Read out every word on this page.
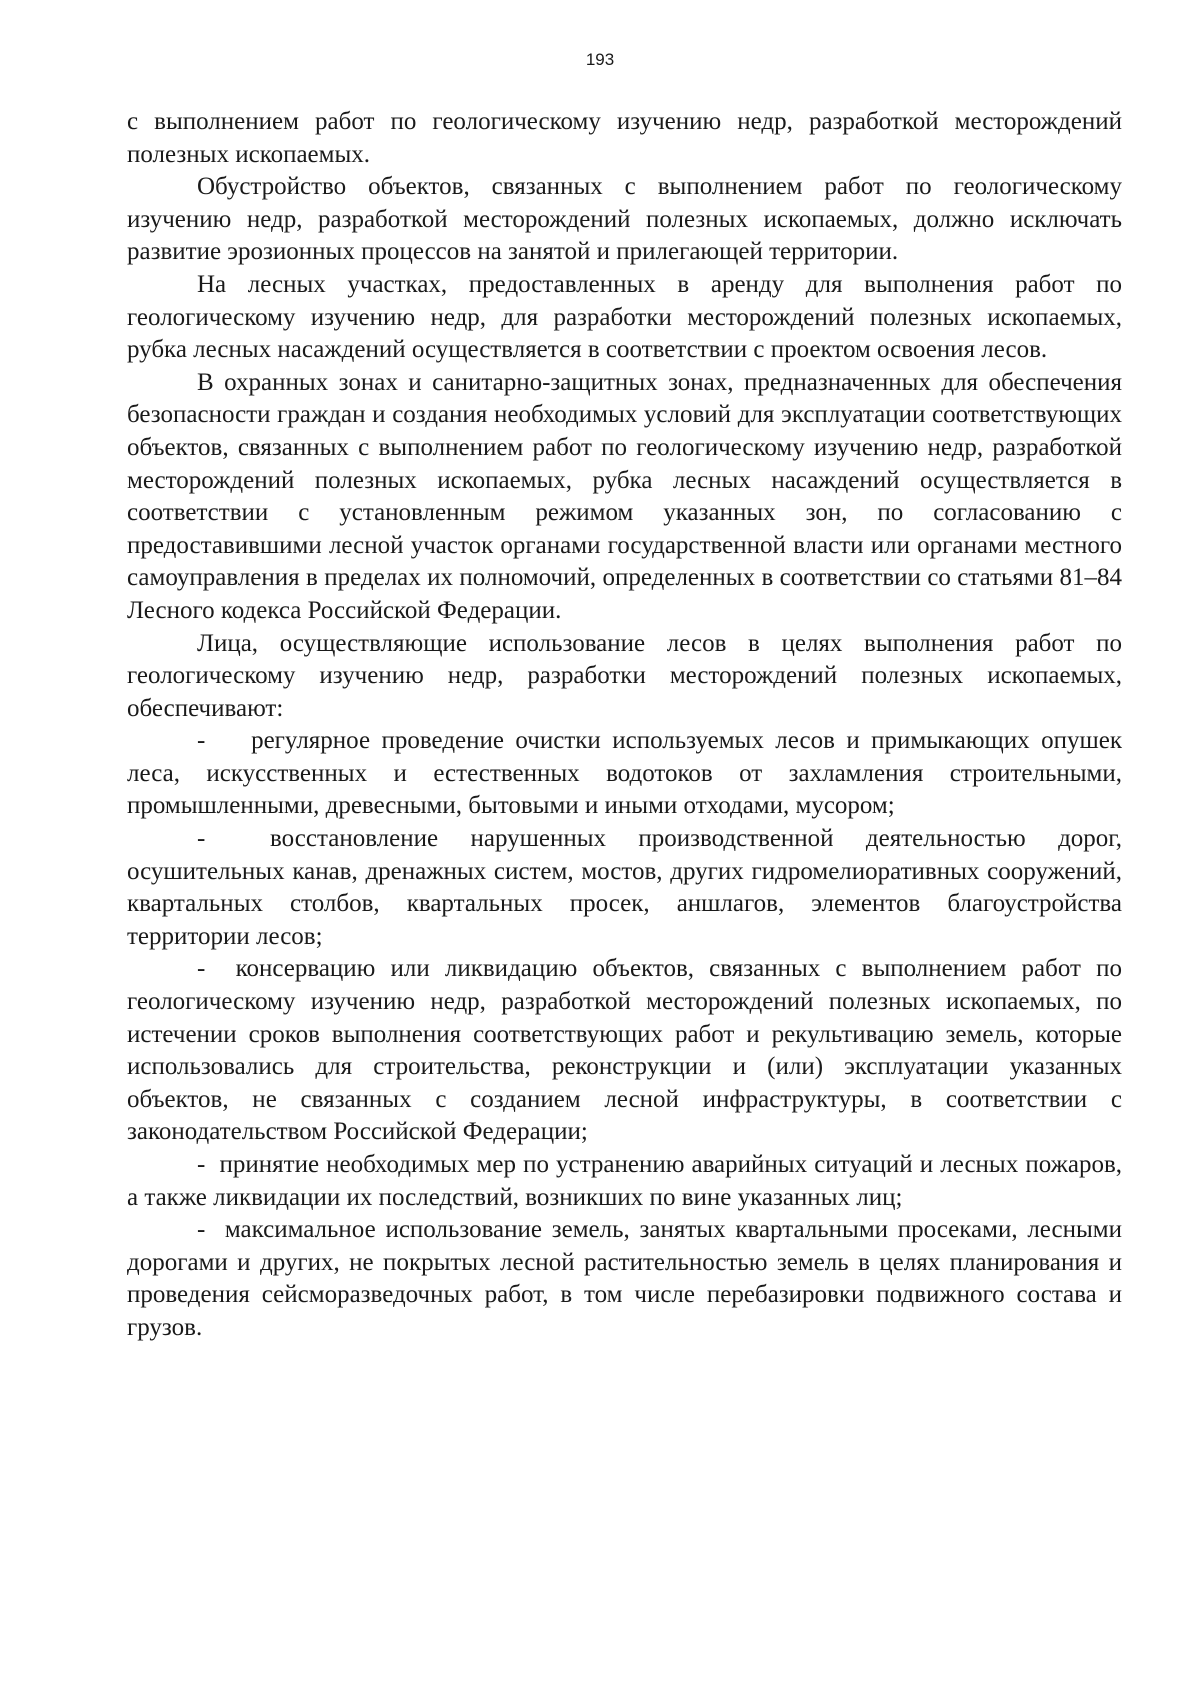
193

с выполнением работ по геологическому изучению недр, разработкой месторождений полезных ископаемых.

Обустройство объектов, связанных с выполнением работ по геологическому изучению недр, разработкой месторождений полезных ископаемых, должно исключать развитие эрозионных процессов на занятой и прилегающей территории.

На лесных участках, предоставленных в аренду для выполнения работ по геологическому изучению недр, для разработки месторождений полезных ископаемых, рубка лесных насаждений осуществляется в соответствии с проектом освоения лесов.

В охранных зонах и санитарно-защитных зонах, предназначенных для обеспечения безопасности граждан и создания необходимых условий для эксплуатации соответствующих объектов, связанных с выполнением работ по геологическому изучению недр, разработкой месторождений полезных ископаемых, рубка лесных насаждений осуществляется в соответствии с установленным режимом указанных зон, по согласованию с предоставившими лесной участок органами государственной власти или органами местного самоуправления в пределах их полномочий, определенных в соответствии со статьями 81–84 Лесного кодекса Российской Федерации.

Лица, осуществляющие использование лесов в целях выполнения работ по геологическому изучению недр, разработки месторождений полезных ископаемых, обеспечивают:

-    регулярное проведение очистки используемых лесов и примыкающих опушек леса, искусственных и естественных водотоков от захламления строительными, промышленными, древесными, бытовыми и иными отходами, мусором;

-  восстановление нарушенных производственной деятельностью дорог, осушительных канав, дренажных систем, мостов, других гидромелиоративных сооружений, квартальных столбов, квартальных просек, аншлагов, элементов благоустройства территории лесов;

-  консервацию или ликвидацию объектов, связанных с выполнением работ по геологическому изучению недр, разработкой месторождений полезных ископаемых, по истечении сроков выполнения соответствующих работ и рекультивацию земель, которые использовались для строительства, реконструкции и (или) эксплуатации указанных объектов, не связанных с созданием лесной инфраструктуры, в соответствии с законодательством Российской Федерации;

-  принятие необходимых мер по устранению аварийных ситуаций и лесных пожаров, а также ликвидации их последствий, возникших по вине указанных лиц;

-  максимальное использование земель, занятых квартальными просеками, лесными дорогами и других, не покрытых лесной растительностью земель в целях планирования и проведения сейсморазведочных работ, в том числе перебазировки подвижного состава и грузов.
